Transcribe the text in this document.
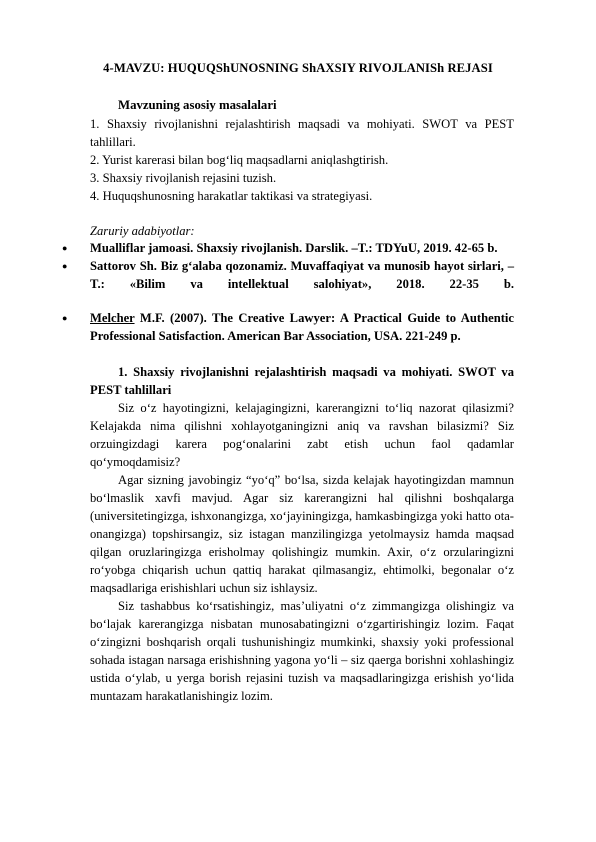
4-MAVZU: HUQUQShUNOSNING ShAXSIY RIVOJLANISh REJASI
Mavzuning asosiy masalalari
1. Shaxsiy rivojlanishni rejalashtirish maqsadi va mohiyati. SWOT va PEST
tahlillari.
2. Yurist karerasi bilan bog‘liq maqsadlarni aniqlashgtirish.
3. Shaxsiy rivojlanish rejasini tuzish.
4. Huquqshunosning harakatlar taktikasi va strategiyasi.
Zaruriy adabiyotlar:
● Mualliflar jamoasi. Shaxsiy rivojlanish. Darslik. –T.: TDYuU, 2019. 42-65 b.
● Sattorov Sh. Biz g‘alaba qozonamiz. Muvaffaqiyat va munosib hayot sirlari, –
T.: «Bilim va intellektual salohiyat», 2018. 22-35 b.
● Melcher M.F. (2007). The Creative Lawyer: A Practical Guide to Authentic
Professional Satisfaction. American Bar Association, USA. 221-249 p.
1. Shaxsiy rivojlanishni rejalashtirish maqsadi va mohiyati. SWOT va
PEST tahlillari

Siz o‘z hayotingizni, kelajagingizni, karerangizni to‘liq nazorat qilasizmi? Kelajakda nima qilishni xohlayotganingizni aniq va ravshan bilasizmi? Siz orzuingizdagi karera pog‘onalarini zabt etish uchun faol qadamlar qo‘ymoqdamisiz?

Agar sizning javobingiz “yo‘q” bo‘lsa, sizda kelajak hayotingizdan mamnun bo‘lmaslik xavfi mavjud. Agar siz karerangizni hal qilishni boshqalarga (universitetingizga, ishxonangizga, xo‘jayiningizga, hamkasbingizga yoki hatto ota-onangizga) topshirsangiz, siz istagan manzilingizga yetolmaysiz hamda maqsad qilgan oruzlaringizga erisholmay qolishingiz mumkin. Axir, o‘z orzularingizni ro‘yobga chiqarish uchun qattiq harakat qilmasangiz, ehtimolki, begonalar o‘z maqsadlariga erishishlari uchun siz ishlaysiz.

Siz tashabbus ko‘rsatishingiz, mas’uliyatni o‘z zimmangizga olishingiz va bo‘lajak karerangizga nisbatan munosabatingizni o‘zgartirishingiz lozim. Faqat o‘zingizni boshqarish orqali tushunishingiz mumkinki, shaxsiy yoki professional sohada istagan narsaga erishishning yagona yo‘li – siz qaerga borishni xohlashingiz ustida o‘ylab, u yerga borish rejasini tuzish va maqsadlaringizga erishish yo‘lida muntazam harakatlanishingiz lozim.
